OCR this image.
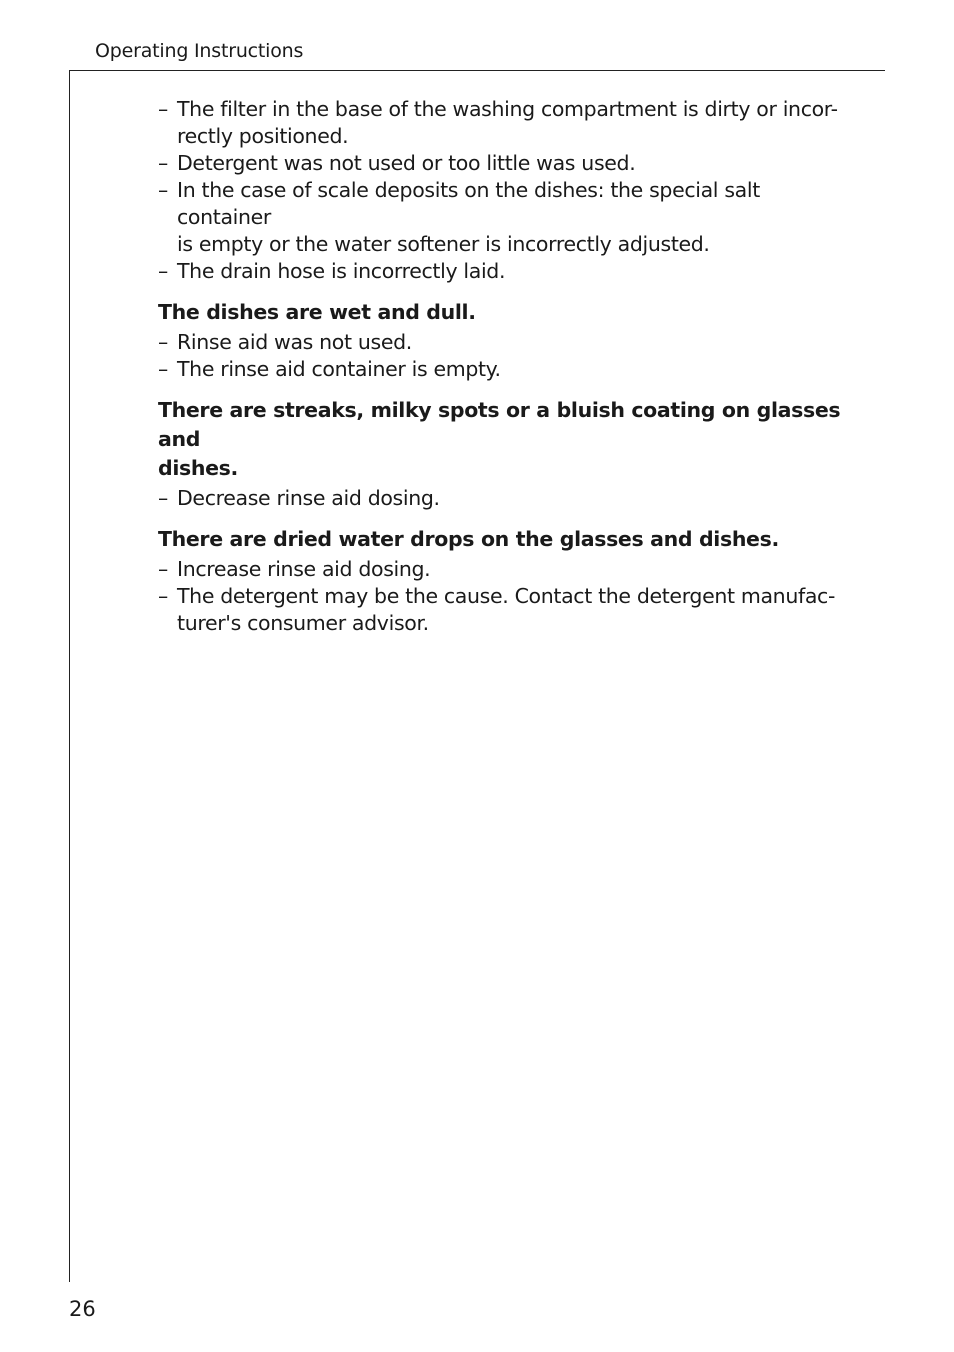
Operating Instructions
– The filter in the base of the washing compartment is dirty or incor-
rectly positioned.
– Detergent was not used or too little was used.
– In the case of scale deposits on the dishes: the special salt container
is empty or the water softener is incorrectly adjusted.
– The drain hose is incorrectly laid.
The dishes are wet and dull.
– Rinse aid was not used.
– The rinse aid container is empty.
There are streaks, milky spots or a bluish coating on glasses and
dishes.
– Decrease rinse aid dosing.
There are dried water drops on the glasses and dishes.
– Increase rinse aid dosing.
– The detergent may be the cause. Contact the detergent manufac-
turer's consumer advisor.
26
